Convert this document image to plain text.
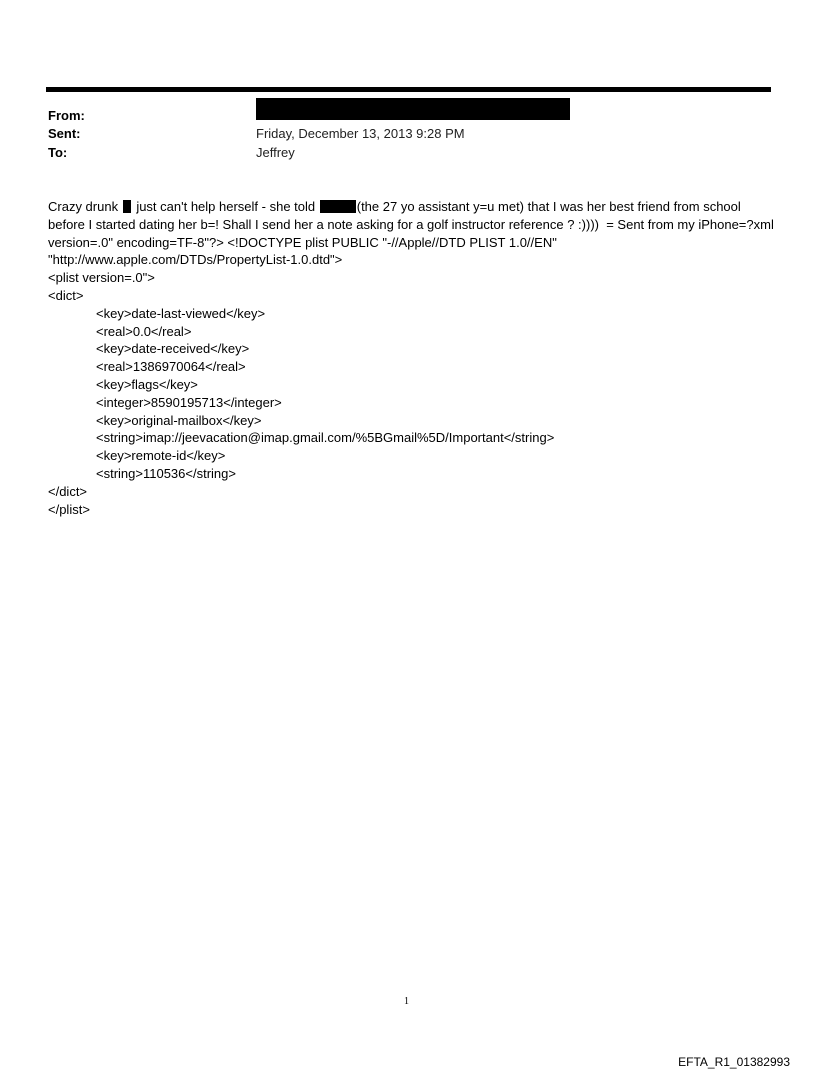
From:
Sent:	Friday, December 13, 2013 9:28 PM
To:	Jeffrey

Crazy drunk  just can't help herself - she told	(the 27 yo assistant y=u met) that I was her best friend from school before I started dating her b=! Shall I send her a note asking for a golf instructor reference ? :))))  = Sent from my iPhone=?xml version=.0" encoding=TF-8"?> <!DOCTYPE plist PUBLIC "-//Apple//DTD PLIST 1.0//EN" "http://www.apple.com/DTDs/PropertyList-1.0.dtd">

<plist version=.0">

<dict>

<key>date-last-viewed</key>

<real>0.0</real>

<key>date-received</key>

<real>1386970064</real>

<key>flags</key>

<integer>8590195713</integer>

<key>original-mailbox</key>

<string>imap://jeevacation@imap.gmail.com/%5BGmail%5D/Important</string>

<key>remote-id</key>

<string>110536</string>

</dict>

</plist>

1
EFTA_R1_01382993
